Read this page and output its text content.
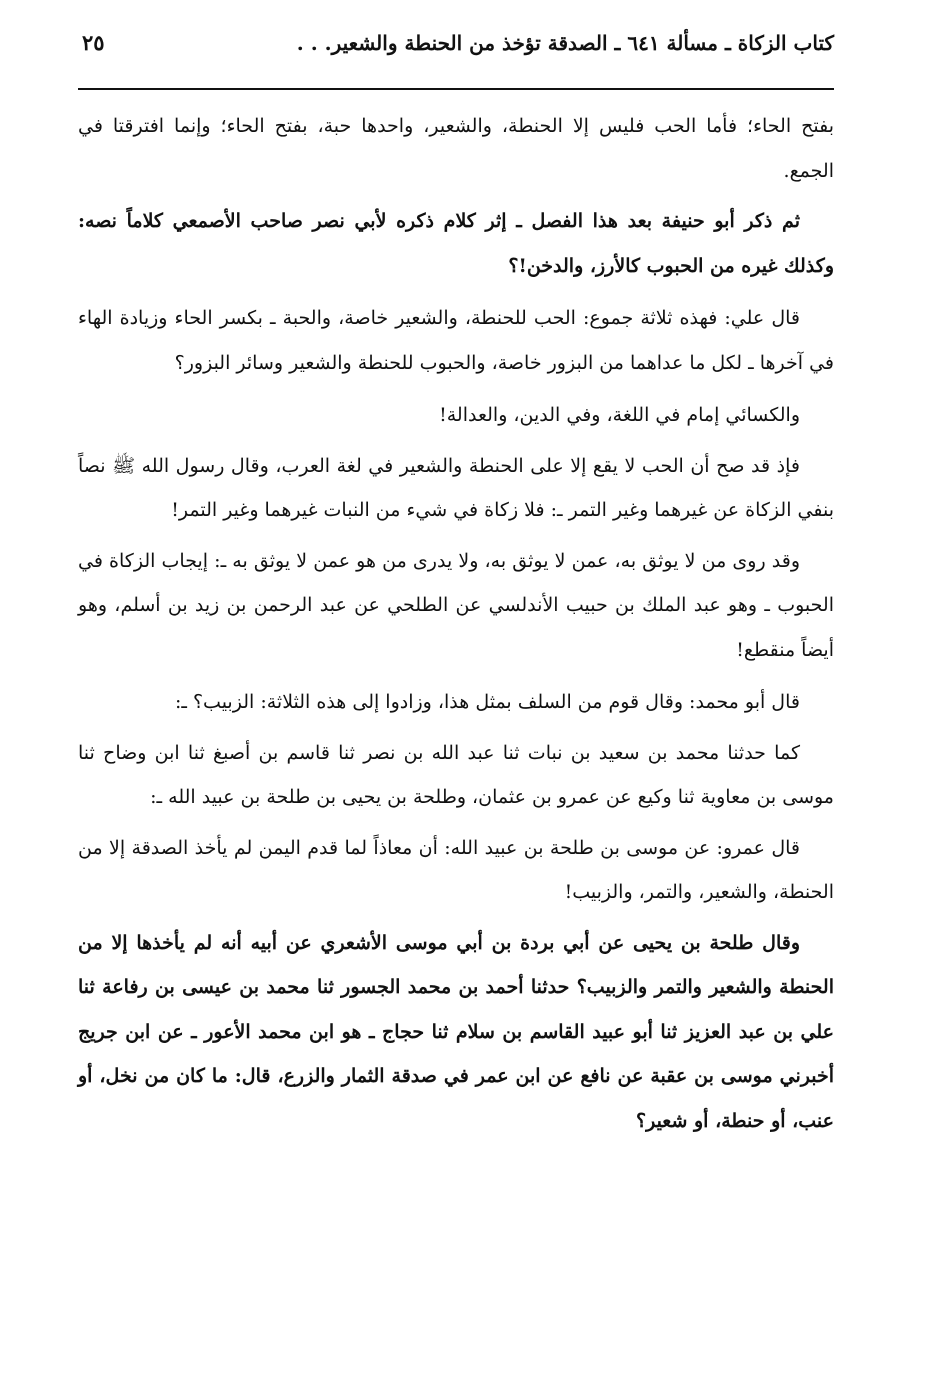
كتاب الزكاة ـ مسألة ٦٤١ ـ الصدقة تؤخذ من الحنطة والشعير. . .
٢٥

بفتح الحاء؛ فأما الحب فليس إلا الحنطة، والشعير، واحدها حبة، بفتح الحاء؛ وإنما افترقتا في الجمع.

ثم ذكر أبو حنيفة بعد هذا الفصل ـ إثر كلام ذكره لأبي نصر صاحب الأصمعي كلاماً نصه: وكذلك غيره من الحبوب كالأرز، والدخن!؟

قال علي: فهذه ثلاثة جموع: الحب للحنطة، والشعير خاصة، والحبة ـ بكسر الحاء وزيادة الهاء في آخرها ـ لكل ما عداهما من البزور خاصة، والحبوب للحنطة والشعير وسائر البزور؟

والكسائي إمام في اللغة، وفي الدين، والعدالة!

فإذ قد صح أن الحب لا يقع إلا على الحنطة والشعير في لغة العرب، وقال رسول الله ﷺ نصاً بنفي الزكاة عن غيرهما وغير التمر ـ: فلا زكاة في شيء من النبات غيرهما وغير التمر!

وقد روى من لا يوثق به، عمن لا يوثق به، ولا يدرى من هو عمن لا يوثق به ـ: إيجاب الزكاة في الحبوب ـ وهو عبد الملك بن حبيب الأندلسي عن الطلحي عن عبد الرحمن بن زيد بن أسلم، وهو أيضاً منقطع!

قال أبو محمد: وقال قوم من السلف بمثل هذا، وزادوا إلى هذه الثلاثة: الزبيب؟ ـ:

كما حدثنا محمد بن سعيد بن نبات ثنا عبد الله بن نصر ثنا قاسم بن أصبغ ثنا ابن وضاح ثنا موسى بن معاوية ثنا وكيع عن عمرو بن عثمان، وطلحة بن يحيى بن طلحة بن عبيد الله ـ:

قال عمرو: عن موسى بن طلحة بن عبيد الله: أن معاذاً لما قدم اليمن لم يأخذ الصدقة إلا من الحنطة، والشعير، والتمر، والزبيب!

وقال طلحة بن يحيى عن أبي بردة بن أبي موسى الأشعري عن أبيه أنه لم يأخذها إلا من الحنطة والشعير والتمر والزبيب؟ حدثنا أحمد بن محمد الجسور ثنا محمد بن عيسى بن رفاعة ثنا علي بن عبد العزيز ثنا أبو عبيد القاسم بن سلام ثنا حجاج ـ هو ابن محمد الأعور ـ عن ابن جريج أخبرني موسى بن عقبة عن نافع عن ابن عمر في صدقة الثمار والزرع، قال: ما كان من نخل، أو عنب، أو حنطة، أو شعير؟
